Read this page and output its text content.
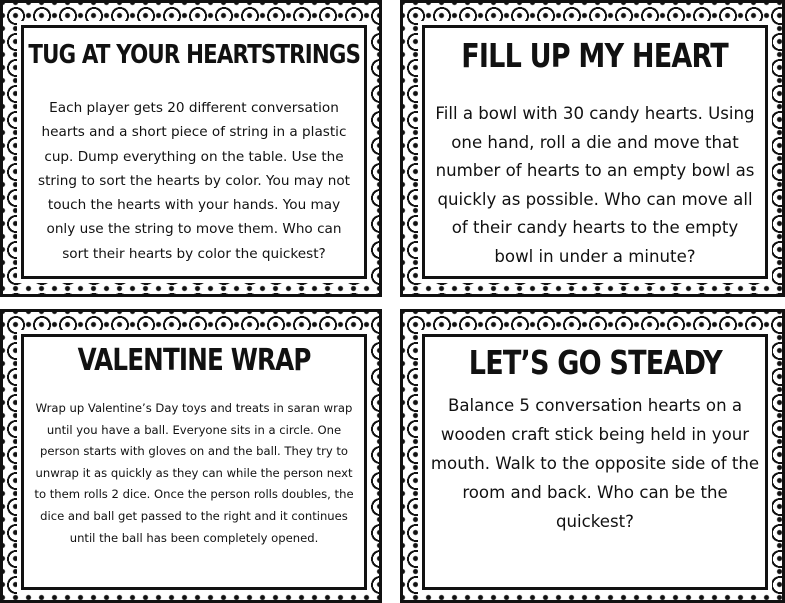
TUG AT YOUR HEARTSTRINGS
Each player gets 20 different conversation hearts and a short piece of string in a plastic cup. Dump everything on the table. Use the string to sort the hearts by color. You may not touch the hearts with your hands. You may only use the string to move them. Who can sort their hearts by color the quickest?
FILL UP MY HEART
Fill a bowl with 30 candy hearts. Using one hand, roll a die and move that number of hearts to an empty bowl as quickly as possible. Who can move all of their candy hearts to the empty bowl in under a minute?
VALENTINE WRAP
Wrap up Valentine’s Day toys and treats in saran wrap until you have a ball. Everyone sits in a circle. One person starts with gloves on and the ball. They try to unwrap it as quickly as they can while the person next to them rolls 2 dice. Once the person rolls doubles, the dice and ball get passed to the right and it continues until the ball has been completely opened.
LET’S GO STEADY
Balance 5 conversation hearts on a wooden craft stick being held in your mouth. Walk to the opposite side of the room and back. Who can be the quickest?
